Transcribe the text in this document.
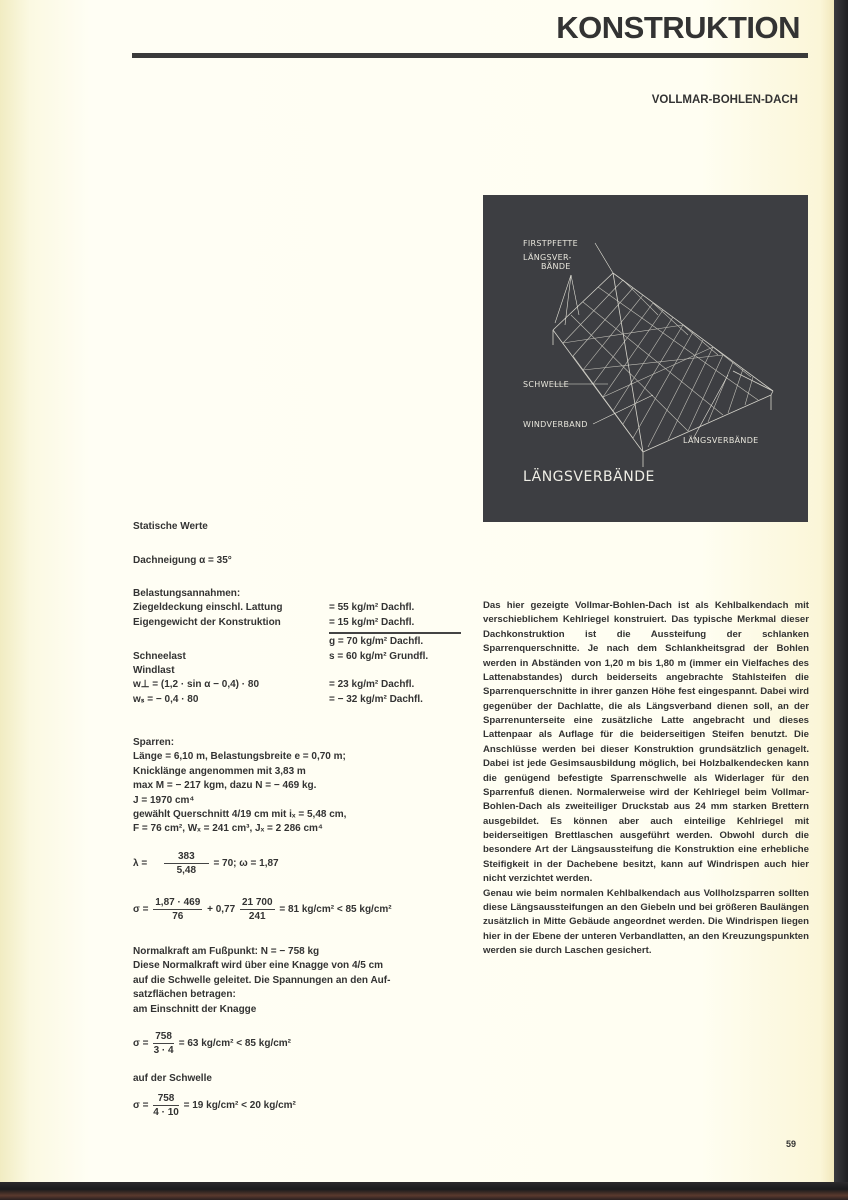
KONSTRUKTION
VOLLMAR-BOHLEN-DACH
FIRSTPFETTE
LÄNGSVER-
BÄNDE
SCHWELLE
WINDVERBAND
LÄNGSVERBÄNDE
LÄNGSVERBÄNDE
Statische Werte
Dachneigung α = 35°
Belastungsannahmen:
Ziegeldeckung einschl. Lattung	= 55 kg/m² Dachfl.
Eigengewicht der Konstruktion	= 15 kg/m² Dachfl.
g = 70 kg/m² Dachfl.
Schneelast	s = 60 kg/m² Grundfl.
Windlast
w⊥ = (1,2 · sin α − 0,4) · 80	= 23 kg/m² Dachfl.
wₛ = − 0,4 · 80	= − 32 kg/m² Dachfl.
Sparren:
Länge = 6,10 m, Belastungsbreite e = 0,70 m;
Knicklänge angenommen mit 3,83 m
max M = − 217 kgm, dazu N = − 469 kg.
J = 1970 cm⁴
gewählt Querschnitt 4/19 cm mit iₓ = 5,48 cm,
F = 76 cm², Wₓ = 241 cm³, Jₓ = 2 286 cm⁴
$\lambda = \frac{383}{5,48} = 70$; ω = 1,87
$\sigma = \frac{1,87 \cdot 469}{76} + 0,77 \frac{21 700}{241} = 81$ kg/cm² < 85 kg/cm²
Normalkraft am Fußpunkt: N = − 758 kg
Diese Normalkraft wird über eine Knagge von 4/5 cm
auf die Schwelle geleitet. Die Spannungen an den Auf-
satzflächen betragen:
am Einschnitt der Knagge
$\sigma = \frac{758}{3 \cdot 4} = 63$ kg/cm² < 85 kg/cm²
auf der Schwelle
$\sigma = \frac{758}{4 \cdot 10} = 19$ kg/cm² < 20 kg/cm²

Das hier gezeigte Vollmar-Bohlen-Dach ist als Kehlbalkendach mit verschieblichem Kehlriegel konstruiert. Das typische Merkmal dieser Dachkonstruktion ist die Aussteifung der schlanken Sparrenquerschnitte. Je nach dem Schlankheitsgrad der Bohlen werden in Abständen von 1,20 m bis 1,80 m (immer ein Vielfaches des Lattenabstandes) durch beiderseits angebrachte Stahlsteifen die Sparrenquerschnitte in ihrer ganzen Höhe fest eingespannt. Dabei wird gegenüber der Dachlatte, die als Längsverband dienen soll, an der Sparrenunterseite eine zusätzliche Latte angebracht und dieses Lattenpaar als Auflage für die beiderseitigen Steifen benutzt. Die Anschlüsse werden bei dieser Konstruktion grundsätzlich genagelt. Dabei ist jede Gesimsausbildung möglich, bei Holzbalkendecken kann die genügend befestigte Sparrenschwelle als Widerlager für den Sparrenfuß dienen. Normalerweise wird der Kehlriegel beim Vollmar-Bohlen-Dach als zweiteiliger Druckstab aus 24 mm starken Brettern ausgebildet. Es können aber auch einteilige Kehlriegel mit beiderseitigen Brettlaschen ausgeführt werden. Obwohl durch die besondere Art der Längsaussteifung die Konstruktion eine erhebliche Steifigkeit in der Dachebene besitzt, kann auf Windrispen auch hier nicht verzichtet werden.

Genau wie beim normalen Kehlbalkendach aus Vollholzsparren sollten diese Längsaussteifungen an den Giebeln und bei größeren Baulängen zusätzlich in Mitte Gebäude angeordnet werden. Die Windrispen liegen hier in der Ebene der unteren Verbandlatten, an den Kreuzungspunkten werden sie durch Laschen gesichert.

59
